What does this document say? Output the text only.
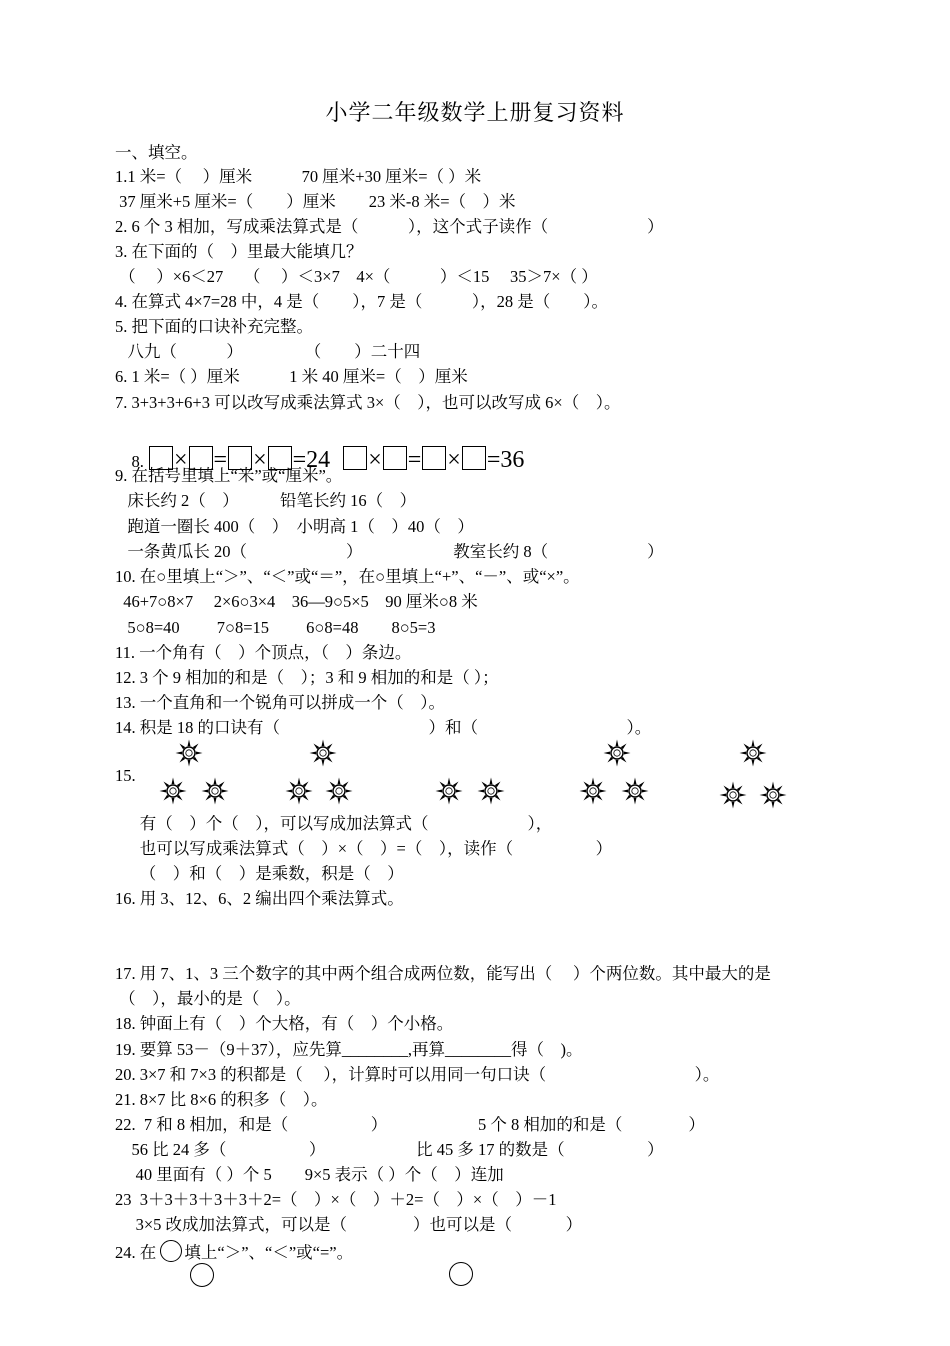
小学二年级数学上册复习资料
一、填空。
1.1 米=（　 ）厘米　　　70 厘米+30 厘米=（ ）米
37 厘米+5 厘米=（　　）厘米　　23 米-8 米=（　）米
2. 6 个 3 相加，写成乘法算式是（　　　），这个式子读作（　　　　　　）
3. 在下面的（　）里最大能填几？
（　 ）×6＜27　 （　 ）＜3×7　4×（　　　）＜15　 35＞7×（ ）
4. 在算式 4×7=28 中，4 是（　　），7 是（　　　），28 是（　　）。
5. 把下面的口诀补充完整。
八九（　　　）　　　　 （　　）二十四
6. 1 米=（ ）厘米　　　1 米 40 厘米=（　）厘米
7. 3+3+3+6+3 可以改写成乘法算式 3×（　），也可以改写成 6×（　）。

8. × = × =24  × = × =36

9. 在括号里填上“米”或“厘米”。
床长约 2（　）　　　铅笔长约 16（　）
跑道一圈长 400（　）　小明高 1（　）40（　）
一条黄瓜长 20（　　　　　　）　　　　　　教室长约 8（　　　　　　）
10. 在○里填上“＞”、“＜”或“＝”，在○里填上“+”、“－”、或“×”。
46+7○8×7　 2×6○3×4　36—9○5×5　90 厘米○8 米
5○8=40　　 7○8=15　　 6○8=48　　8○5=3
11. 一个角有（　）个顶点，（　）条边。
12. 3 个 9 相加的和是（　）；3 和 9 相加的和是（ ）；
13. 一个直角和一个锐角可以拼成一个（　）。
14. 积是 18 的口诀有（　　　　　　　　　）和（　　　　　　　　　）。
15.
有（　）个（　），可以写成加法算式（　　　　　　），
也可以写成乘法算式（　）×（　）=（　），读作（　　　　　）
（　）和（　）是乘数，积是（　）
16. 用 3、12、6、2 编出四个乘法算式。
17. 用 7、1、3 三个数字的其中两个组合成两位数，能写出（　 ）个两位数。其中最大的是
（　），最小的是（　）。
18. 钟面上有（　）个大格，有（　）个小格。
19. 要算 53－（9＋37），应先算________,再算________得（　)。
20. 3×7 和 7×3 的积都是（　 ），计算时可以用同一句口诀（　　　　　　　　　）。
21. 8×7 比 8×6 的积多（　）。
22.  7 和 8 相加，和是（　　　　　）　　　　　　5 个 8 相加的和是（　　　　）
56 比 24 多（　　　　　）　　　　　　比 45 多 17 的数是（　　　　　）
40 里面有（ ）个 5　　9×5 表示（ ）个（　）连加
23  3＋3＋3＋3＋3＋2=（　）×（　）＋2=（　）×（　）－1
3×5 改成加法算式，可以是（　　　　）也可以是（　　　 ）
24. 在 填上“＞”、“＜”或“=”。
